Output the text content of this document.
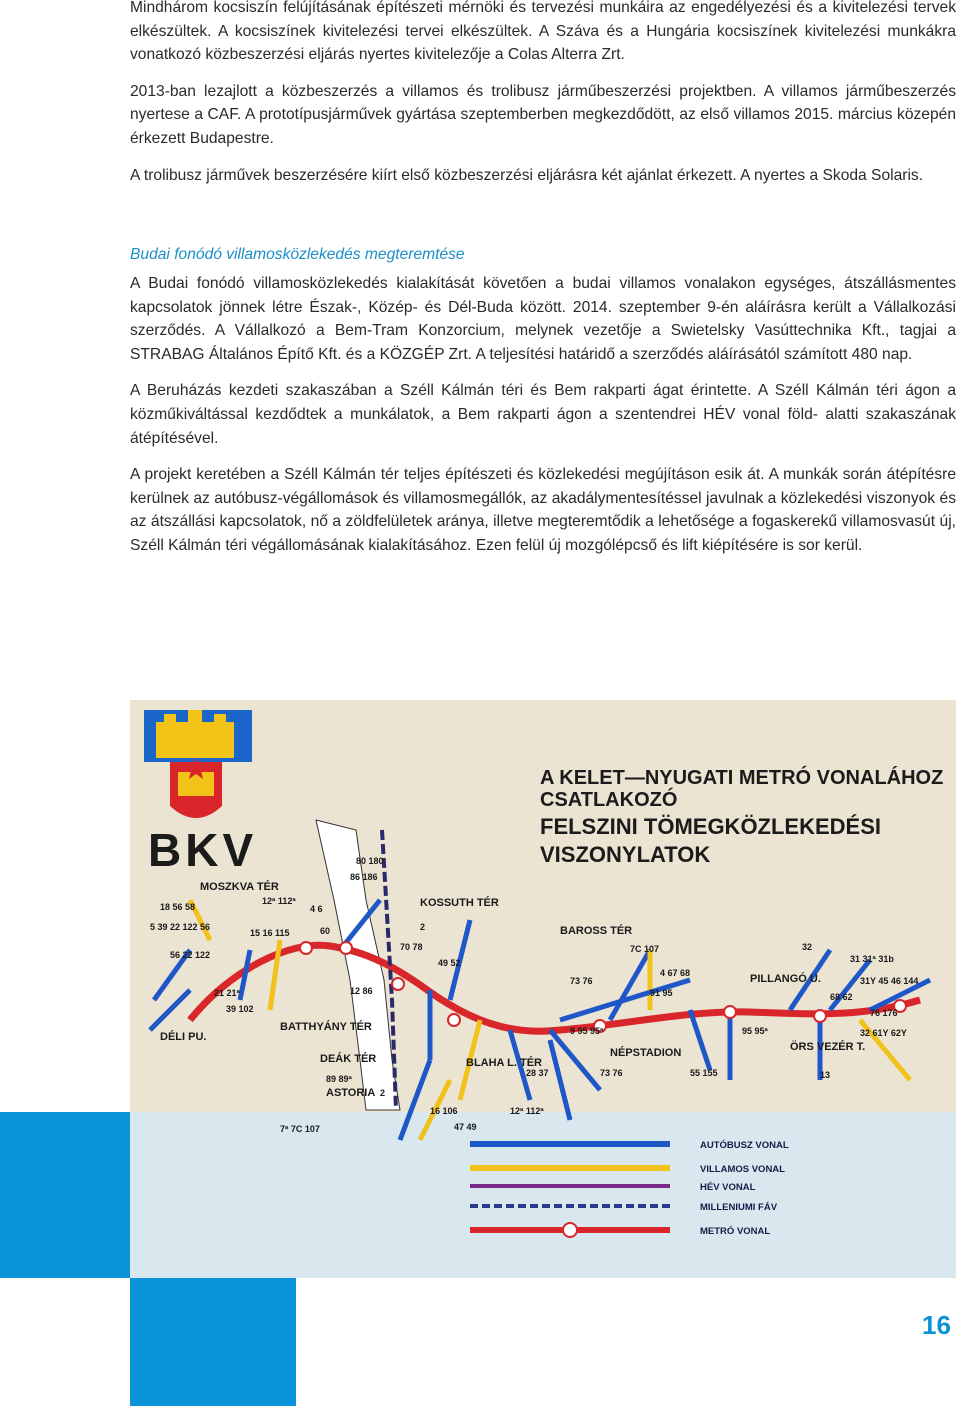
Mindhárom kocsiszín felújításának építészeti mérnöki és tervezési munkáira az engedélyezési és a kivitelezési tervek elkészültek. A kocsiszínek kivitelezési tervei elkészültek. A Száva és a Hungária kocsiszínek kivitelezési munkákra vonatkozó közbeszerzési eljárás nyertes kivitelezője a Colas Alterra Zrt.

2013-ban lezajlott a közbeszerzés a villamos és trolibusz járműbeszerzési projektben. A villamos járműbeszerzés nyertese a CAF. A prototípusjárművek gyártása szeptemberben megkezdődött, az első villamos 2015. március közepén érkezett Budapestre.

A trolibusz járművek beszerzésére kiírt első közbeszerzési eljárásra két ajánlat érkezett. A nyertes a Skoda Solaris.

Budai fonódó villamosközlekedés megteremtése

A Budai fonódó villamosközlekedés kialakítását követően a budai villamos vonalakon egységes, átszállásmentes kapcsolatok jönnek létre Észak-, Közép- és Dél-Buda között. 2014. szeptember 9-én aláírásra került a Vállalkozási szerződés. A Vállalkozó a Bem-Tram Konzorcium, melynek vezetője a Swietelsky Vasúttechnika Kft., tagjai a STRABAG Általános Építő Kft. és a KÖZGÉP Zrt. A teljesítési határidő a szerződés aláírásától számított 480 nap.

A Beruházás kezdeti szakaszában a Széll Kálmán téri és Bem rakparti ágat érintette. A Széll Kálmán téri ágon a közműkiváltással kezdődtek a munkálatok, a Bem rakparti ágon a szentendrei HÉV vonal föld- alatti szakaszának átépítésével.

A projekt keretében a Széll Kálmán tér teljes építészeti és közlekedési megújításon esik át. A munkák során átépítésre kerülnek az autóbusz-végállomások és villamosmegállók, az akadálymentesítéssel javulnak a közlekedési viszonyok és az átszállási kapcsolatok, nő a zöldfelületek aránya, illetve megteremtődik a lehetősége a fogaskerekű villamosvasút új, Széll Kálmán téri végállomásának kialakításához. Ezen felül új mozgólépcső és lift kiépítésére is sor kerül.

BKV
A KELET—NYUGATI METRÓ VONALÁHOZ
CSATLAKOZÓ
FELSZINI TÖMEGKÖZLEKEDÉSI
VISZONYLATOK
MOSZKVA TÉR
KOSSUTH TÉR
BAROSS TÉR
PILLANGÓ U.
DÉLI PU.
BATTHYÁNY TÉR
DEÁK TÉR
ASTORIA
BLAHA L. TÉR
NÉPSTADION	ÖRS VEZÉR T.
18 56 58
5 39 22 122 56
56 22 122
60
4 6
12ª 112ª
70 78
2
49 52
7C 107
73 76
4 67 68
32
31 31ª 31b
31Y 45 46 144
68 62
76 176
9 95 95ª	95 95ª	32 61Y 62Y
13
55 155
73 76
28 37
7ª 7C 107
16 106
47 49
12ª 112ª
89 89ª
2
86 186
80 180
15 16 115
12 86
21 21ª
39 102
91 95
AUTÓBUSZ VONAL
VILLAMOS VONAL
HÉV VONAL
MILLENIUMI FÁV
METRÓ VONAL
16
